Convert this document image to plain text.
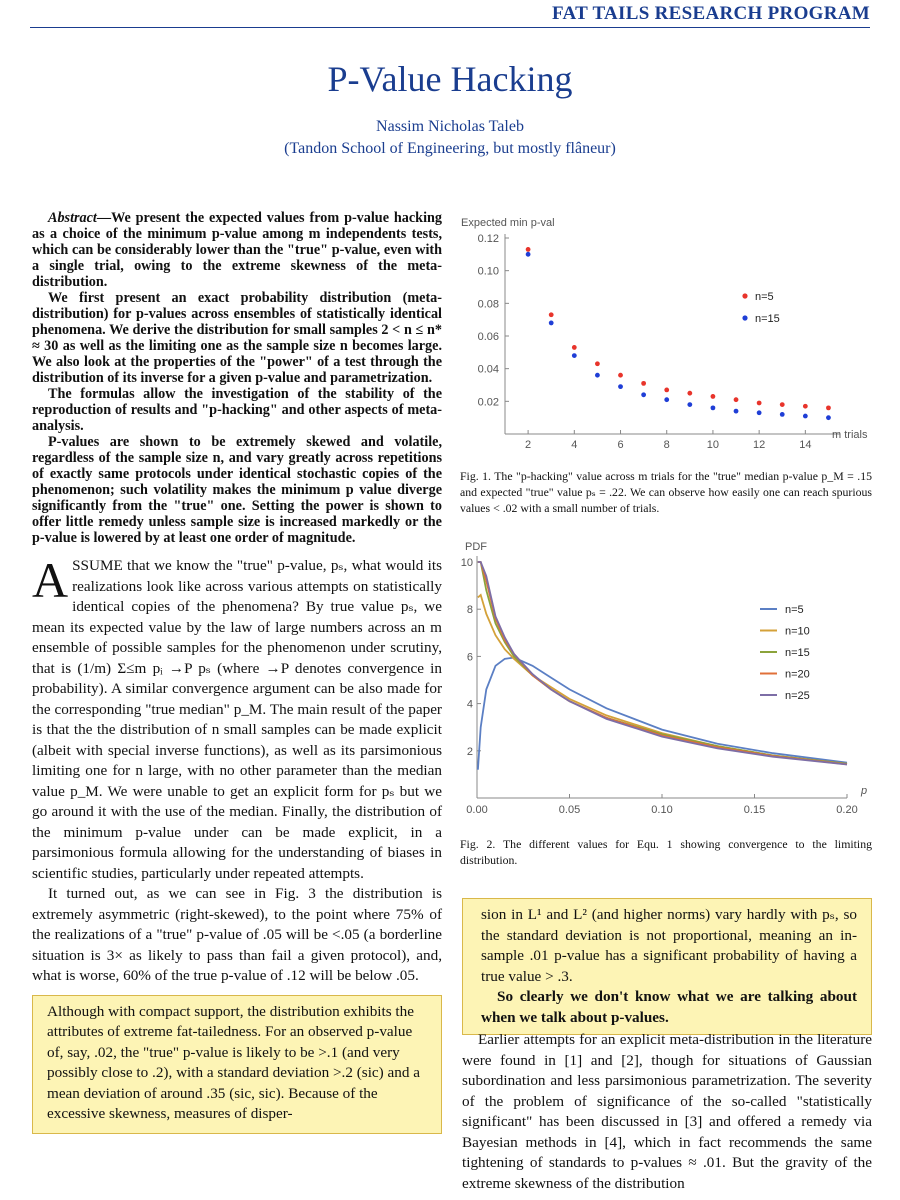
FAT TAILS RESEARCH PROGRAM
P-Value Hacking
Nassim Nicholas Taleb
(Tandon School of Engineering, but mostly flâneur)

Abstract—We present the expected values from p-value hacking as a choice of the minimum p-value among m independents tests, which can be considerably lower than the "true" p-value, even with a single trial, owing to the extreme skewness of the meta-distribution.

We first present an exact probability distribution (meta-distribution) for p-values across ensembles of statistically identical phenomena. We derive the distribution for small samples 2 < n ≤ n* ≈ 30 as well as the limiting one as the sample size n becomes large. We also look at the properties of the "power" of a test through the distribution of its inverse for a given p-value and parametrization.

The formulas allow the investigation of the stability of the reproduction of results and "p-hacking" and other aspects of meta-analysis.

P-values are shown to be extremely skewed and volatile, regardless of the sample size n, and vary greatly across repetitions of exactly same protocols under identical stochastic copies of the phenomenon; such volatility makes the minimum p value diverge significantly from the "true" one. Setting the power is shown to offer little remedy unless sample size is increased markedly or the p-value is lowered by at least one order of magnitude.

ASSUME that we know the "true" p-value, pₛ, what would its realizations look like across various attempts on statistically identical copies of the phenomena? By true value pₛ, we mean its expected value by the law of large numbers across an m ensemble of possible samples for the phenomenon under scrutiny, that is (1/m) Σ≤m pᵢ →P pₛ (where →P denotes convergence in probability). A similar convergence argument can be also made for the corresponding "true median" p_M. The main result of the paper is that the the distribution of n small samples can be made explicit (albeit with special inverse functions), as well as its parsimonious limiting one for n large, with no other parameter than the median value p_M. We were unable to get an explicit form for pₛ but we go around it with the use of the median. Finally, the distribution of the minimum p-value under can be made explicit, in a parsimonious formula allowing for the understanding of biases in scientific studies, particularly under repeated attempts.

It turned out, as we can see in Fig. 3 the distribution is extremely asymmetric (right-skewed), to the point where 75% of the realizations of a "true" p-value of .05 will be <.05 (a borderline situation is 3× as likely to pass than fail a given protocol), and, what is worse, 60% of the true p-value of .12 will be below .05.

Although with compact support, the distribution exhibits the attributes of extreme fat-tailedness. For an observed p-value of, say, .02, the "true" p-value is likely to be >.1 (and very possibly close to .2), with a standard deviation >.2 (sic) and a mean deviation of around .35 (sic, sic). Because of the excessive skewness, measures of disper-
Expected min p-val
m trials
2	4	6	8	10	12	14
0.02
0.04
0.06
0.08
0.10
0.12
n=5
n=15
Fig. 1. The "p-hacking" value across m trials for the "true" median p-value p_M = .15 and expected "true" value pₛ = .22. We can observe how easily one can reach spurious values < .02 with a small number of trials.
PDF
p
0.00	0.05	0.10	0.15	0.20
2
4
6
8
10
n=5
n=10
n=15
n=20
n=25
Fig. 2. The different values for Equ. 1 showing convergence to the limiting distribution.
sion in L¹ and L² (and higher norms) vary hardly with pₛ, so the standard deviation is not proportional, meaning an in-sample .01 p-value has a significant probability of having a true value > .3.
So clearly we don't know what we are talking about when we talk about p-values.

Earlier attempts for an explicit meta-distribution in the literature were found in [1] and [2], though for situations of Gaussian subordination and less parsimonious parametrization. The severity of the problem of significance of the so-called "statistically significant" has been discussed in [3] and offered a remedy via Bayesian methods in [4], which in fact recommends the same tightening of standards to p-values ≈ .01. But the gravity of the extreme skewness of the distribution
